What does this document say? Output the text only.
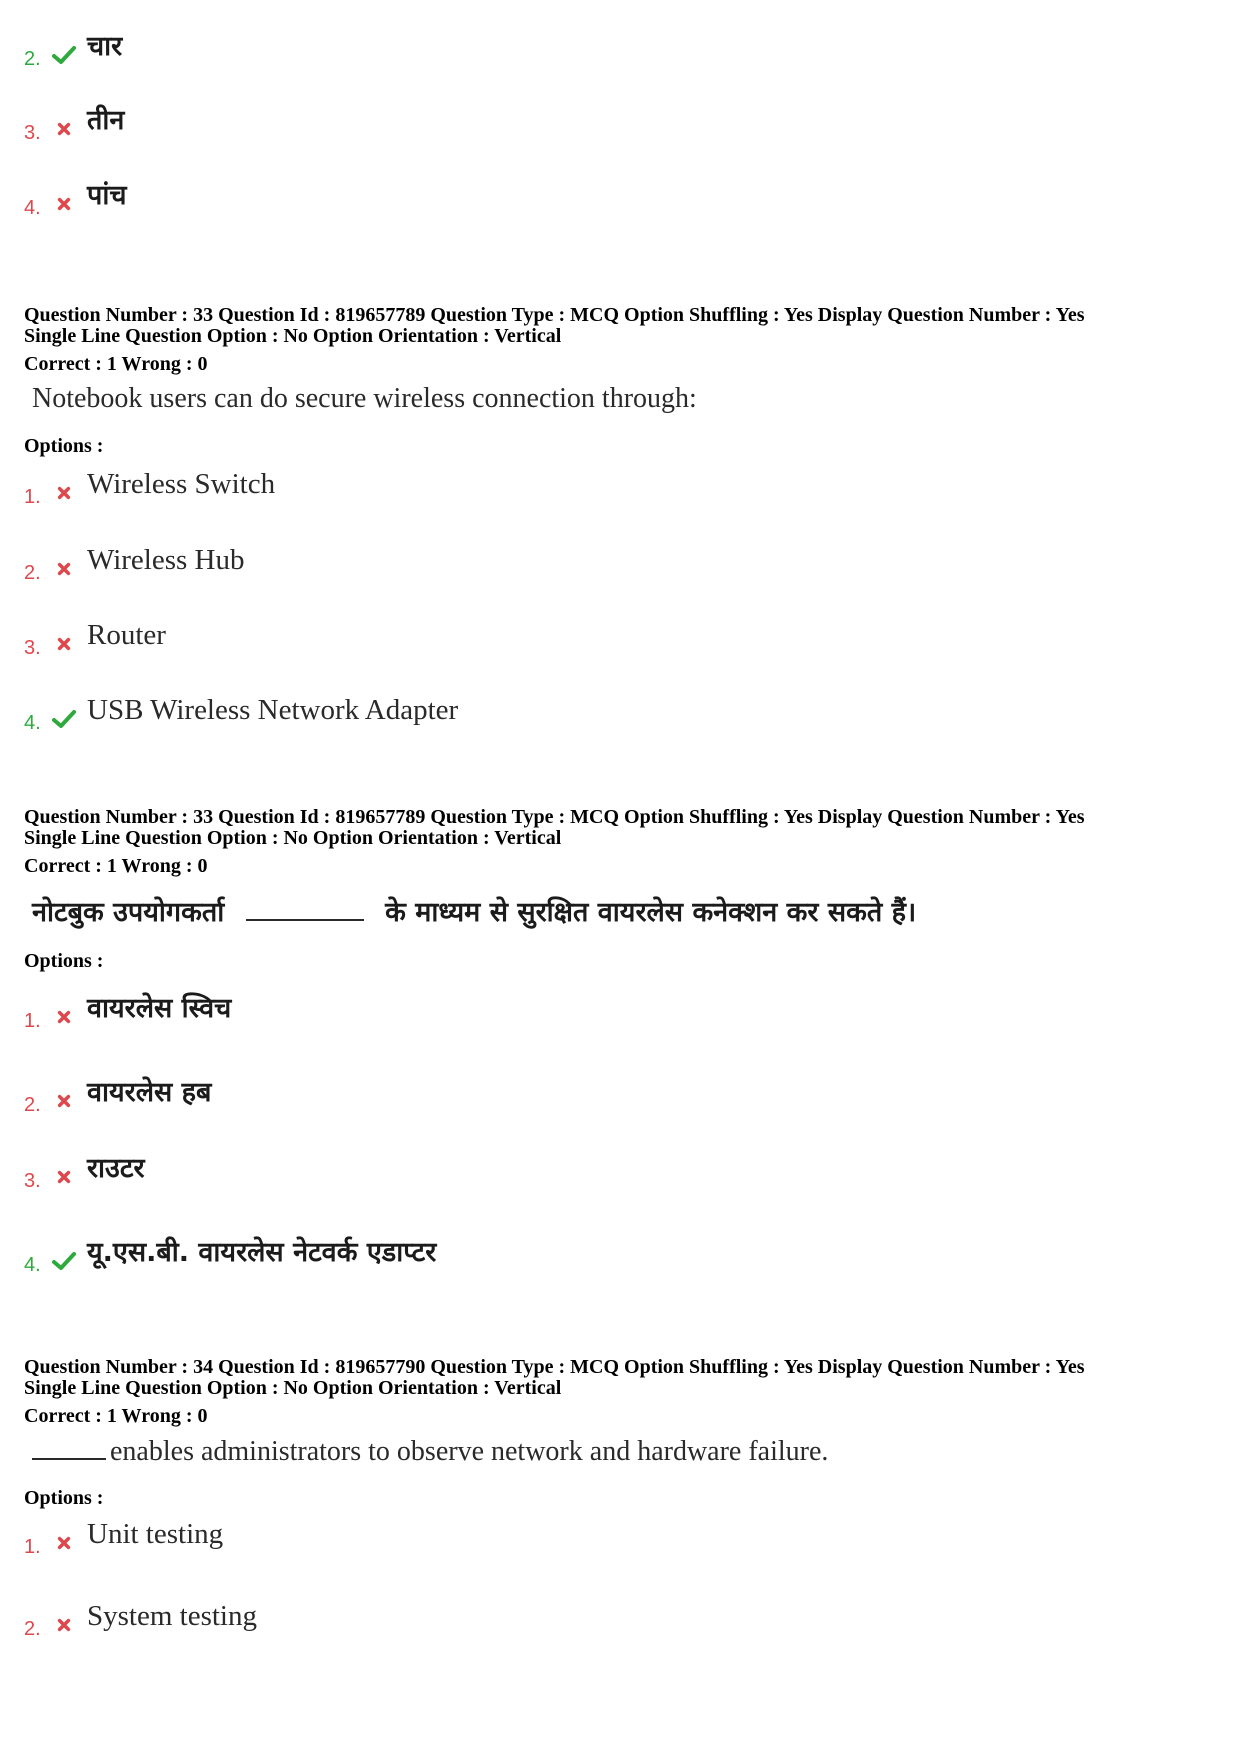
2.	चार
3.	तीन
4.	पांच
Question Number : 33 Question Id : 819657789 Question Type : MCQ Option Shuffling : Yes Display Question Number : Yes
Single Line Question Option : No Option Orientation : Vertical
Correct : 1 Wrong : 0
Notebook users can do secure wireless connection through:
Options :
1. Wireless Switch
2. Wireless Hub
3. Router
4. USB Wireless Network Adapter
Question Number : 33 Question Id : 819657789 Question Type : MCQ Option Shuffling : Yes Display Question Number : Yes
Single Line Question Option : No Option Orientation : Vertical
Correct : 1 Wrong : 0
नोटबुक उपयोगकर्ता	के माध्यम से सुरक्षित वायरलेस कनेक्शन कर सकते हैं।
Options :
1.	वायरलेस स्विच
2.	वायरलेस हब
3.	राउटर
4.	यू.एस.बी. वायरलेस नेटवर्क एडाप्टर
Question Number : 34 Question Id : 819657790 Question Type : MCQ Option Shuffling : Yes Display Question Number : Yes
Single Line Question Option : No Option Orientation : Vertical
Correct : 1 Wrong : 0
enables administrators to observe network and hardware failure.
Options :
1. Unit testing
2. System testing
